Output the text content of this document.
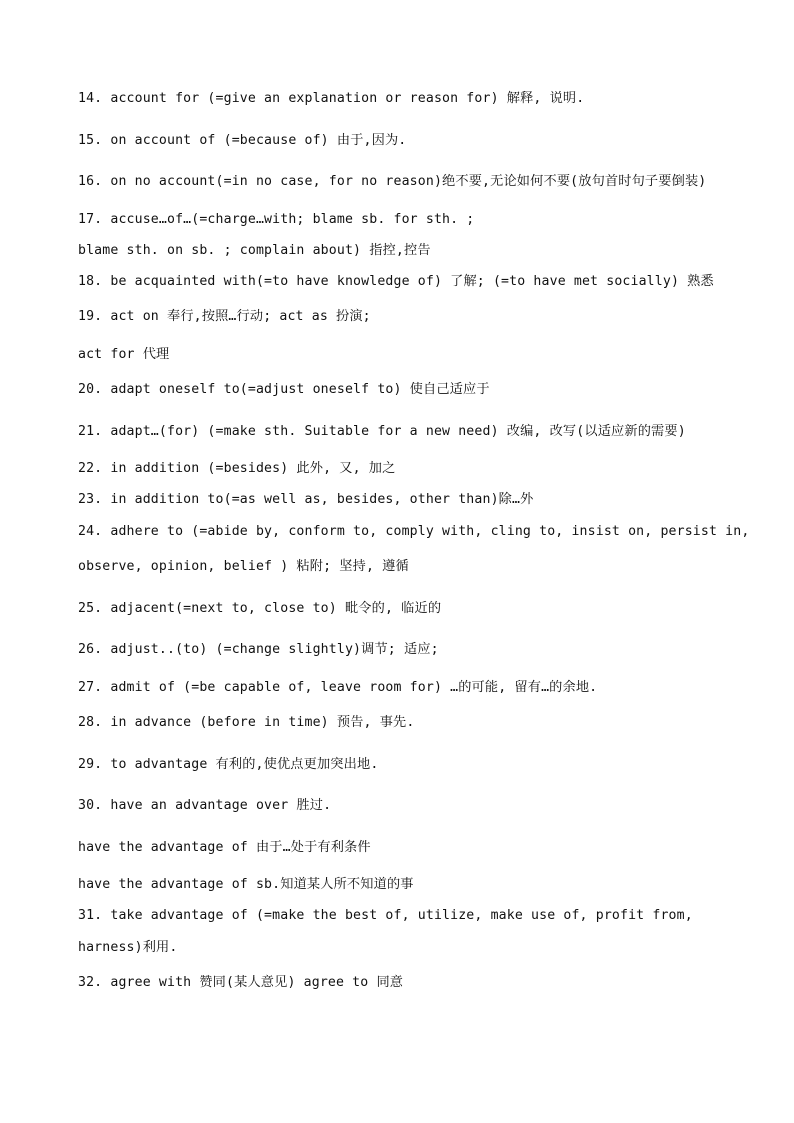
14. account for (=give an explanation or reason for) 解释, 说明.
15. on account of (=because of) 由于,因为.
16. on no account(=in no case, for no reason)绝不要,无论如何不要(放句首时句子要倒装)
17. accuse…of…(=charge…with; blame sb. for sth. ;
blame sth. on sb. ; complain about) 指控,控告
18. be acquainted with(=to have knowledge of) 了解; (=to have met socially) 熟悉
19. act on 奉行,按照…行动; act as 扮演;
act for 代理
20. adapt oneself to(=adjust oneself to) 使自己适应于
21. adapt…(for) (=make sth. Suitable for a new need) 改编, 改写(以适应新的需要)
22. in addition (=besides) 此外, 又, 加之
23. in addition to(=as well as, besides, other than)除…外
24. adhere to (=abide by, conform to, comply with, cling to, insist on, persist in,
observe, opinion, belief ) 粘附; 坚持, 遵循
25. adjacent(=next to, close to) 毗令的, 临近的
26. adjust..(to) (=change slightly)调节; 适应;
27. admit of (=be capable of, leave room for) …的可能, 留有…的余地.
28. in advance (before in time) 预告, 事先.
29. to advantage 有利的,使优点更加突出地.
30. have an advantage over 胜过.
have the advantage of 由于…处于有利条件
have the advantage of sb.知道某人所不知道的事
31. take advantage of (=make the best of, utilize, make use of, profit from,
harness)利用.
32. agree with 赞同(某人意见) agree to 同意
